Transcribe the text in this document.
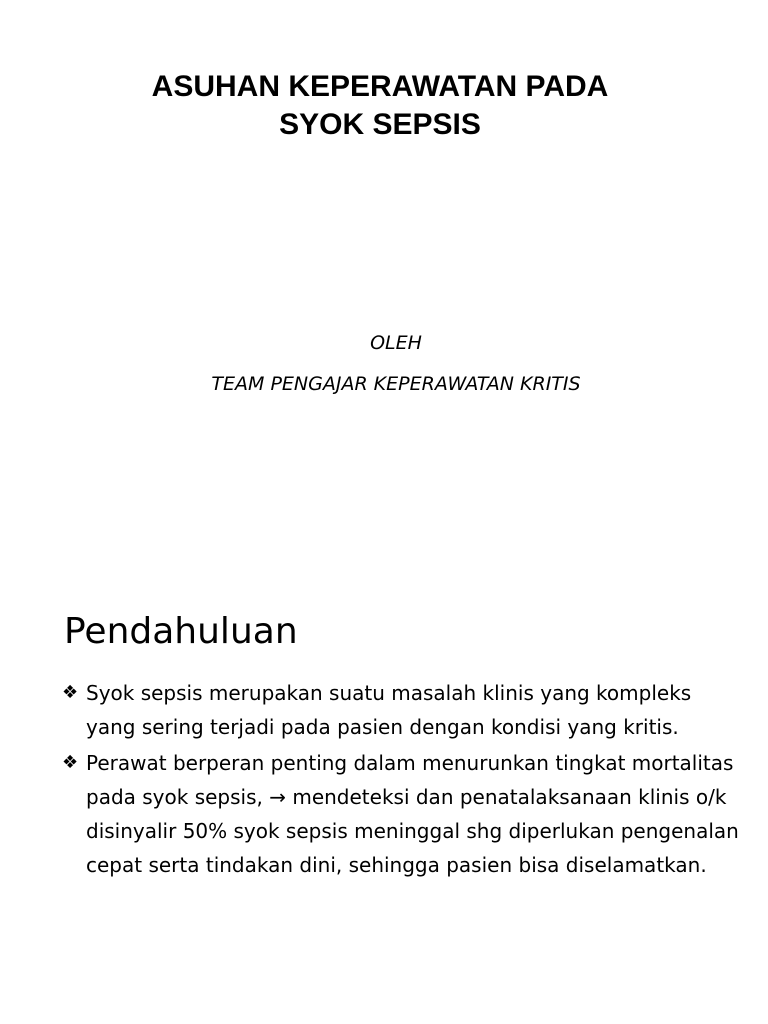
ASUHAN KEPERAWATAN PADA
SYOK SEPSIS
OLEH
TEAM PENGAJAR KEPERAWATAN KRITIS
Pendahuluan
❖ Syok sepsis merupakan suatu masalah klinis yang kompleks yang sering terjadi pada pasien dengan kondisi yang kritis.
❖ Perawat berperan penting dalam menurunkan tingkat mortalitas pada syok sepsis, → mendeteksi dan penatalaksanaan klinis o/k disinyalir 50% syok sepsis meninggal shg diperlukan pengenalan cepat serta tindakan dini, sehingga pasien bisa diselamatkan.
